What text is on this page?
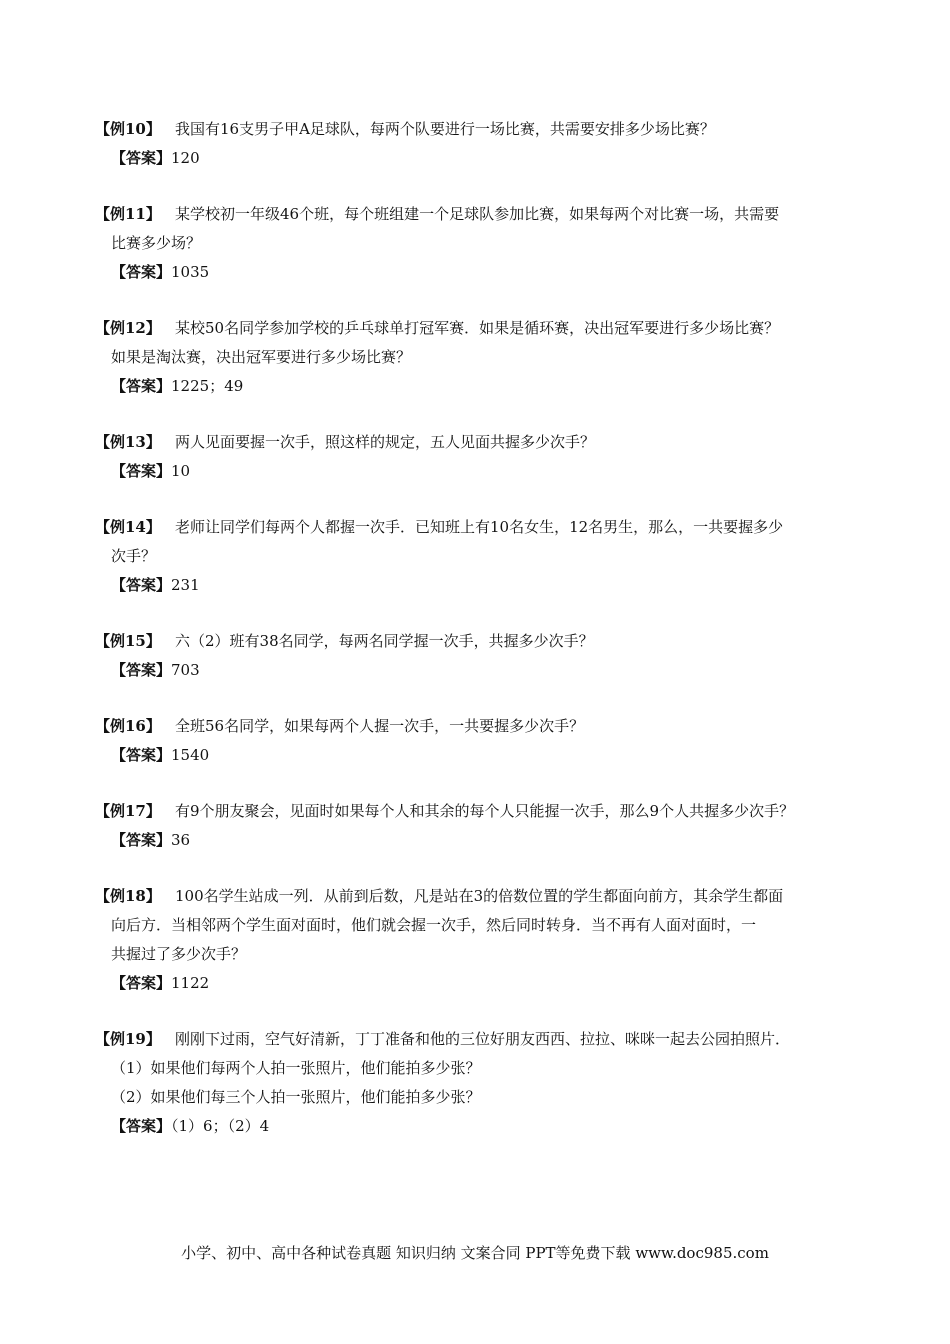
【例10】 我国有16支男子甲A足球队，每两个队要进行一场比赛，共需要安排多少场比赛？
【答案】120
【例11】 某学校初一年级46个班，每个班组建一个足球队参加比赛，如果每两个对比赛一场，共需要
比赛多少场？
【答案】1035
【例12】 某校50名同学参加学校的乒乓球单打冠军赛．如果是循环赛，决出冠军要进行多少场比赛？
如果是淘汰赛，决出冠军要进行多少场比赛？
【答案】1225；49
【例13】 两人见面要握一次手，照这样的规定，五人见面共握多少次手？
【答案】10
【例14】 老师让同学们每两个人都握一次手．已知班上有10名女生，12名男生，那么，一共要握多少
次手？
【答案】231
【例15】 六（2）班有38名同学，每两名同学握一次手，共握多少次手？
【答案】703
【例16】 全班56名同学，如果每两个人握一次手，一共要握多少次手？
【答案】1540
【例17】 有9个朋友聚会，见面时如果每个人和其余的每个人只能握一次手，那么9个人共握多少次手？
【答案】36
【例18】 100名学生站成一列．从前到后数，凡是站在3的倍数位置的学生都面向前方，其余学生都面
向后方．当相邻两个学生面对面时，他们就会握一次手，然后同时转身．当不再有人面对面时，一
共握过了多少次手？
【答案】1122
【例19】 刚刚下过雨，空气好清新，丁丁准备和他的三位好朋友西西、拉拉、咪咪一起去公园拍照片．
（1）如果他们每两个人拍一张照片，他们能拍多少张？
（2）如果他们每三个人拍一张照片，他们能拍多少张？
【答案】（1）6；（2）4
小学、初中、高中各种试卷真题 知识归纳 文案合同 PPT等免费下载 www.doc985.com
